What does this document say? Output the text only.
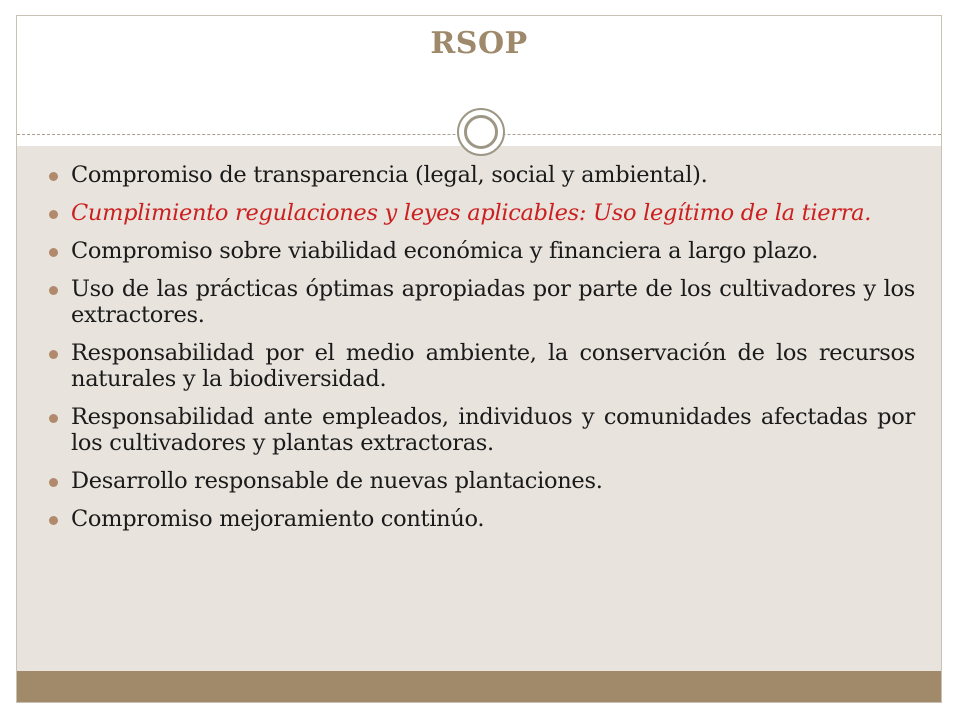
RSOP
Compromiso de transparencia (legal, social y ambiental).
Cumplimiento regulaciones y leyes aplicables: Uso legítimo de la tierra.
Compromiso sobre viabilidad económica y financiera a largo plazo.
Uso de las prácticas óptimas apropiadas por parte de los cultivadores y los extractores.
Responsabilidad por el medio ambiente, la conservación de los recursos naturales y la biodiversidad.
Responsabilidad ante empleados, individuos y comunidades afectadas por los cultivadores y plantas extractoras.
Desarrollo responsable de nuevas plantaciones.
Compromiso mejoramiento continúo.
